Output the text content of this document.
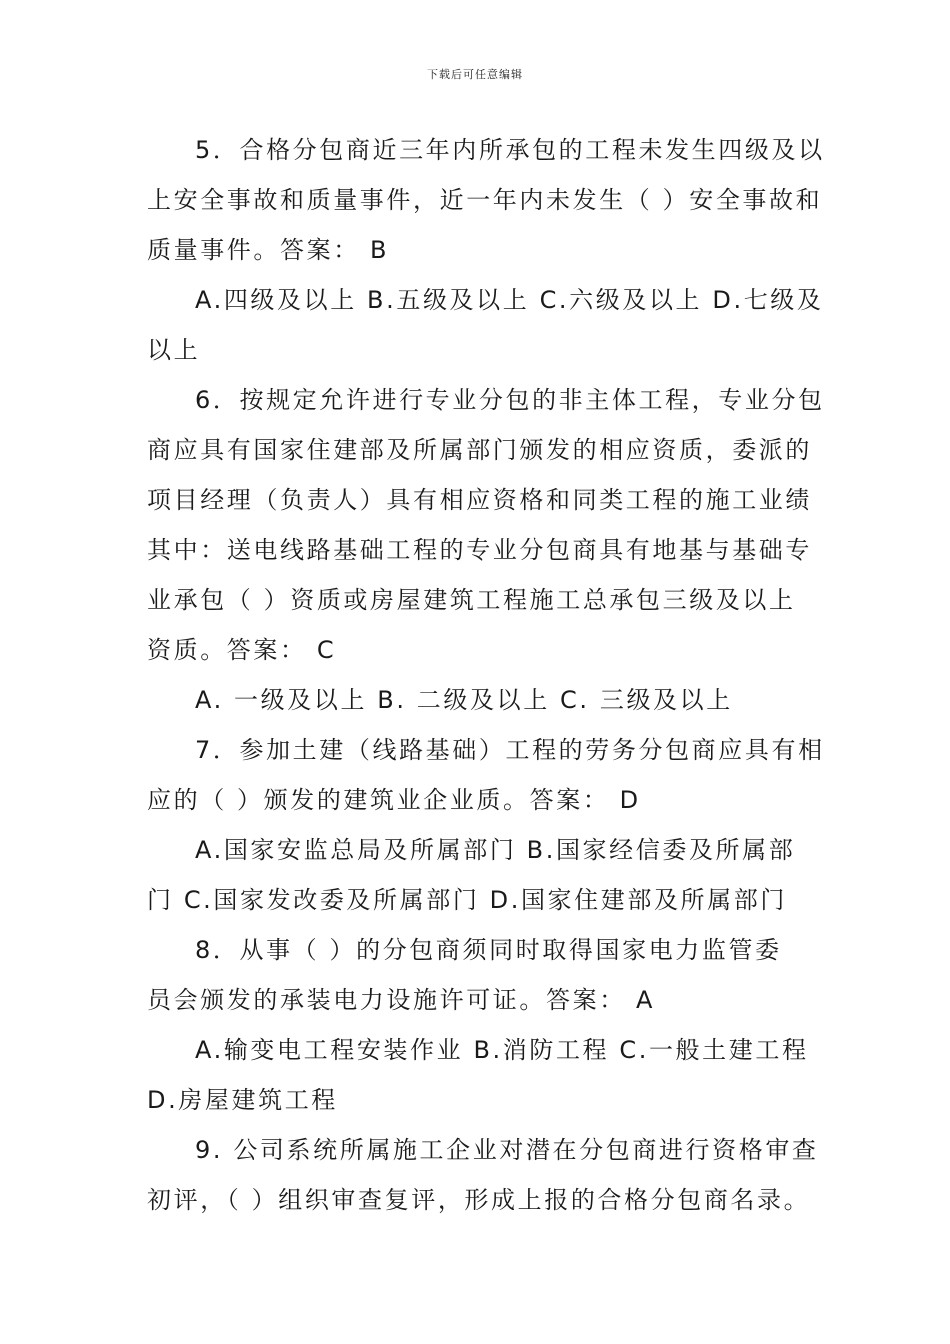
下载后可任意编辑
5．合格分包商近三年内所承包的工程未发生四级及以
上安全事故和质量事件，近一年内未发生（ ）安全事故和
质量事件。答案： B
A.四级及以上 B.五级及以上 C.六级及以上 D.七级及
以上
6．按规定允许进行专业分包的非主体工程，专业分包
商应具有国家住建部及所属部门颁发的相应资质，委派的
项目经理（负责人）具有相应资格和同类工程的施工业绩
其中：送电线路基础工程的专业分包商具有地基与基础专
业承包（ ）资质或房屋建筑工程施工总承包三级及以上
资质。答案： C
A. 一级及以上 B. 二级及以上 C. 三级及以上
7．参加土建（线路基础）工程的劳务分包商应具有相
应的（ ）颁发的建筑业企业质。答案： D
A.国家安监总局及所属部门 B.国家经信委及所属部
门 C.国家发改委及所属部门 D.国家住建部及所属部门
8．从事（ ）的分包商须同时取得国家电力监管委
员会颁发的承装电力设施许可证。答案： A
A.输变电工程安装作业 B.消防工程 C.一般土建工程
D.房屋建筑工程
9. 公司系统所属施工企业对潜在分包商进行资格审查
初评，（ ）组织审查复评，形成上报的合格分包商名录。
